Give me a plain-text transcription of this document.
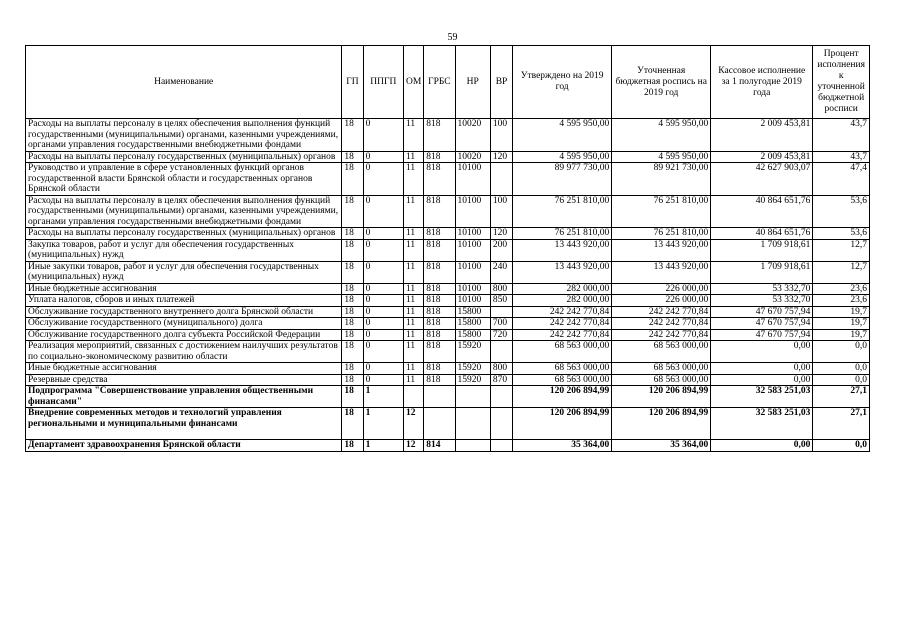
59
Наименование	ГП	ППГП	ОМ	ГРБС	НР	ВР	Утверждено на 2019 год	Уточненная бюджетная роспись на 2019 год	Кассовое исполнение за 1 полугодие 2019 года	Процент исполнения к уточненной бюджетной росписи
Расходы на выплаты персоналу в целях обеспечения выполнения функций государственными (муниципальными) органами, казенными учреждениями, органами управления государственными внебюджетными фондами	18	0	11	818	10020	100	4 595 950,00	4 595 950,00	2 009 453,81	43,7
Расходы на выплаты персоналу государственных (муниципальных) органов	18	0	11	818	10020	120	4 595 950,00	4 595 950,00	2 009 453,81	43,7
Руководство и управление в сфере установленных функций органов государственной власти Брянской области и государственных органов Брянской области	18	0	11	818	10100		89 977 730,00	89 921 730,00	42 627 903,07	47,4
Расходы на выплаты персоналу в целях обеспечения выполнения функций государственными (муниципальными) органами, казенными учреждениями, органами управления государственными внебюджетными фондами	18	0	11	818	10100	100	76 251 810,00	76 251 810,00	40 864 651,76	53,6
Расходы на выплаты персоналу государственных (муниципальных) органов	18	0	11	818	10100	120	76 251 810,00	76 251 810,00	40 864 651,76	53,6
Закупка товаров, работ и услуг для обеспечения государственных (муниципальных) нужд	18	0	11	818	10100	200	13 443 920,00	13 443 920,00	1 709 918,61	12,7
Иные закупки товаров, работ и услуг для обеспечения государственных (муниципальных) нужд	18	0	11	818	10100	240	13 443 920,00	13 443 920,00	1 709 918,61	12,7
Иные бюджетные ассигнования	18	0	11	818	10100	800	282 000,00	226 000,00	53 332,70	23,6
Уплата налогов, сборов и иных платежей	18	0	11	818	10100	850	282 000,00	226 000,00	53 332,70	23,6
Обслуживание государственного внутреннего долга Брянской области	18	0	11	818	15800		242 242 770,84	242 242 770,84	47 670 757,94	19,7
Обслуживание государственного (муниципального) долга	18	0	11	818	15800	700	242 242 770,84	242 242 770,84	47 670 757,94	19,7
Обслуживание государственного долга субъекта Российской Федерации	18	0	11	818	15800	720	242 242 770,84	242 242 770,84	47 670 757,94	19,7
Реализация мероприятий, связанных с достижением наилучших результатов по социально-экономическому развитию области	18	0	11	818	15920		68 563 000,00	68 563 000,00	0,00	0,0
Иные бюджетные ассигнования	18	0	11	818	15920	800	68 563 000,00	68 563 000,00	0,00	0,0
Резервные средства	18	0	11	818	15920	870	68 563 000,00	68 563 000,00	0,00	0,0
Подпрограмма "Совершенствование управления общественными финансами"	18	1					120 206 894,99	120 206 894,99	32 583 251,03	27,1
Внедрение современных методов и технологий управления региональными и муниципальными финансами	18	1	12				120 206 894,99	120 206 894,99	32 583 251,03	27,1
Департамент здравоохранения Брянской области	18	1	12	814			35 364,00	35 364,00	0,00	0,0
